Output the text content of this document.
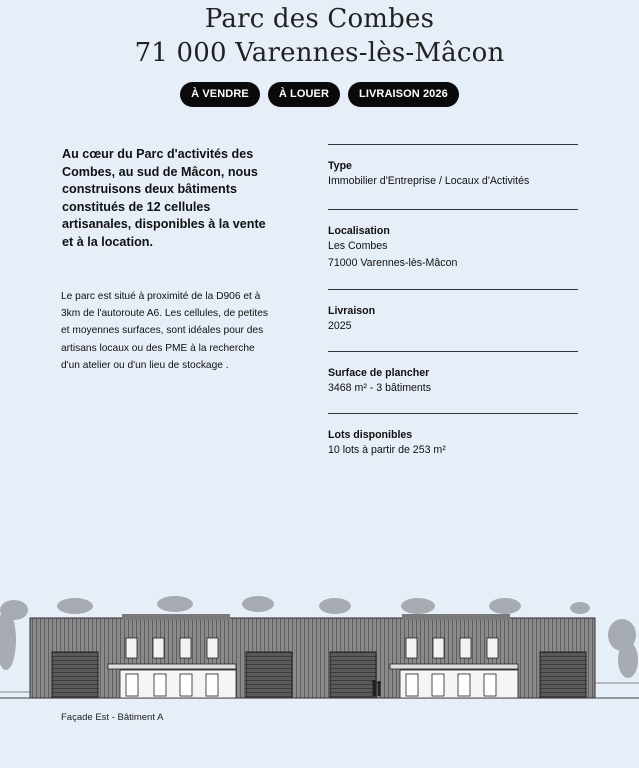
Parc des Combes
71 000 Varennes-lès-Mâcon
À VENDRE	À LOUER	LIVRAISON 2026
Au cœur du Parc d'activités des Combes, au sud de Mâcon, nous construisons deux bâtiments constitués de 12 cellules artisanales, disponibles à la vente et à la location.
Le parc est situé à proximité de la D906 et à 3km de l'autoroute A6. Les cellules, de petites et moyennes surfaces, sont idéales pour des artisans locaux ou des PME à la recherche d'un atelier ou d'un lieu de stockage .
Type
Immobilier d'Entreprise / Locaux d'Activités
Localisation
Les Combes
71000 Varennes-lès-Mâcon
Livraison
2025
Surface de plancher
3468 m² - 3 bâtiments
Lots disponibles
10 lots à partir de 253 m²
Façade Est - Bâtiment A
